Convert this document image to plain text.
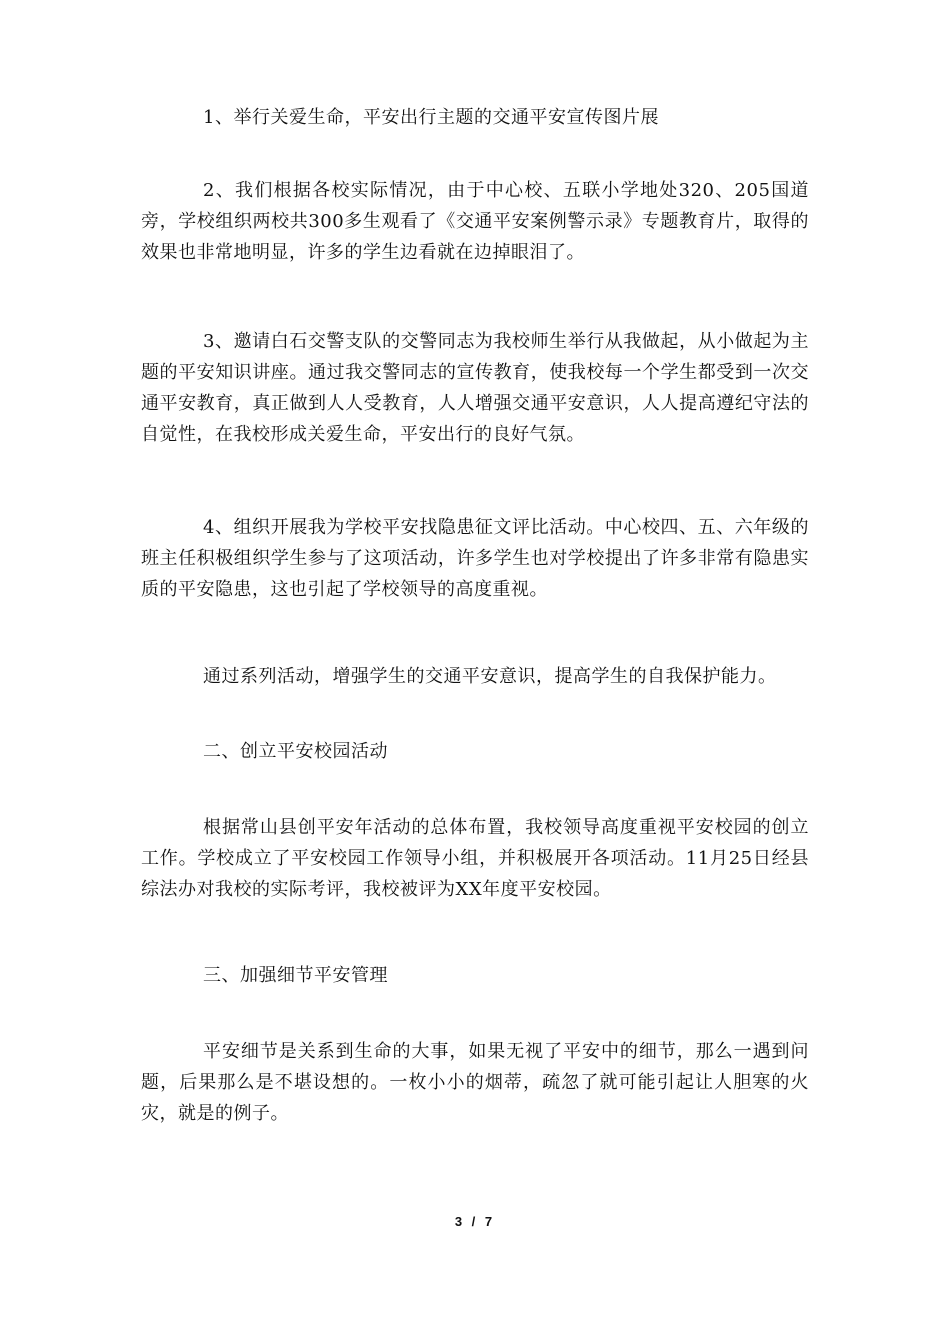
1、举行关爱生命，平安出行主题的交通平安宣传图片展

2、我们根据各校实际情况，由于中心校、五联小学地处320、205国道旁，学校组织两校共300多生观看了《交通平安案例警示录》专题教育片，取得的效果也非常地明显，许多的学生边看就在边掉眼泪了。

3、邀请白石交警支队的交警同志为我校师生举行从我做起，从小做起为主题的平安知识讲座。通过我交警同志的宣传教育，使我校每一个学生都受到一次交通平安教育，真正做到人人受教育，人人增强交通平安意识，人人提高遵纪守法的自觉性，在我校形成关爱生命，平安出行的良好气氛。

4、组织开展我为学校平安找隐患征文评比活动。中心校四、五、六年级的班主任积极组织学生参与了这项活动，许多学生也对学校提出了许多非常有隐患实质的平安隐患，这也引起了学校领导的高度重视。

通过系列活动，增强学生的交通平安意识，提高学生的自我保护能力。

二、创立平安校园活动

根据常山县创平安年活动的总体布置，我校领导高度重视平安校园的创立工作。学校成立了平安校园工作领导小组，并积极展开各项活动。11月25日经县综法办对我校的实际考评，我校被评为XX年度平安校园。

三、加强细节平安管理

平安细节是关系到生命的大事，如果无视了平安中的细节，那么一遇到问题，后果那么是不堪设想的。一枚小小的烟蒂，疏忽了就可能引起让人胆寒的火灾，就是的例子。

3 / 7
